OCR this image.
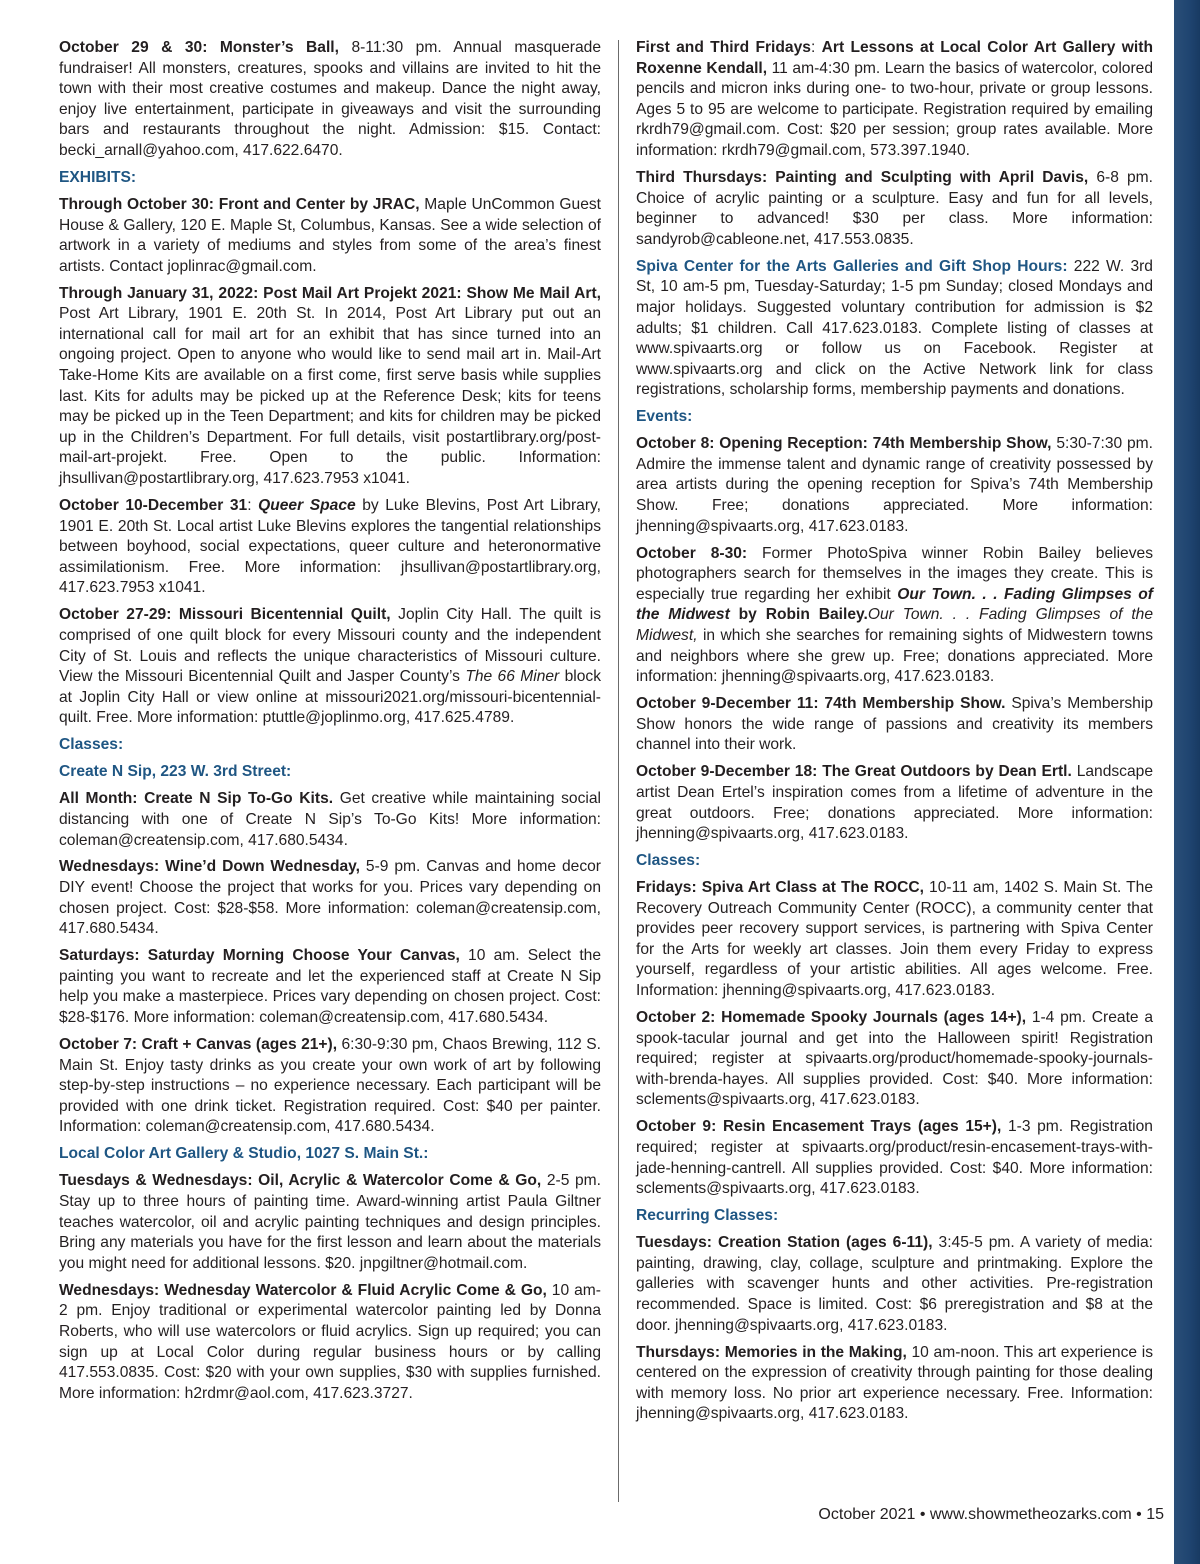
October 29 & 30: Monster’s Ball, 8-11:30 pm. Annual masquerade fundraiser! All monsters, creatures, spooks and villains are invited to hit the town with their most creative costumes and makeup. Dance the night away, enjoy live entertainment, participate in giveaways and visit the surrounding bars and restaurants throughout the night. Admission: $15. Contact: becki_arnall@yahoo.com, 417.622.6470.

EXHIBITS:

Through October 30: Front and Center by JRAC, Maple UnCommon Guest House & Gallery, 120 E. Maple St, Columbus, Kansas. See a wide selection of artwork in a variety of mediums and styles from some of the area’s finest artists. Contact joplinrac@gmail.com.

Through January 31, 2022: Post Mail Art Projekt 2021: Show Me Mail Art, Post Art Library, 1901 E. 20th St. In 2014, Post Art Library put out an international call for mail art for an exhibit that has since turned into an ongoing project. Open to anyone who would like to send mail art in. Mail-Art Take-Home Kits are available on a first come, first serve basis while supplies last. Kits for adults may be picked up at the Reference Desk; kits for teens may be picked up in the Teen Department; and kits for children may be picked up in the Children’s Department. For full details, visit postartlibrary.org/post-mail-art-projekt. Free. Open to the public. Information: jhsullivan@postartlibrary.org, 417.623.7953 x1041.

October 10-December 31: Queer Space by Luke Blevins, Post Art Library, 1901 E. 20th St. Local artist Luke Blevins explores the tangential relationships between boyhood, social expectations, queer culture and heteronormative assimilationism. Free. More information: jhsullivan@postartlibrary.org, 417.623.7953 x1041.

October 27-29: Missouri Bicentennial Quilt, Joplin City Hall. The quilt is comprised of one quilt block for every Missouri county and the independent City of St. Louis and reflects the unique characteristics of Missouri culture. View the Missouri Bicentennial Quilt and Jasper County’s The 66 Miner block at Joplin City Hall or view online at missouri2021.org/missouri-bicentennial-quilt. Free. More information: ptuttle@joplinmo.org, 417.625.4789.

Classes:
Create N Sip, 223 W. 3rd Street:

All Month: Create N Sip To-Go Kits. Get creative while maintaining social distancing with one of Create N Sip’s To-Go Kits! More information: coleman@creatensip.com, 417.680.5434.

Wednesdays: Wine’d Down Wednesday, 5-9 pm. Canvas and home decor DIY event! Choose the project that works for you. Prices vary depending on chosen project. Cost: $28-$58. More information: coleman@creatensip.com, 417.680.5434.

Saturdays: Saturday Morning Choose Your Canvas, 10 am. Select the painting you want to recreate and let the experienced staff at Create N Sip help you make a masterpiece. Prices vary depending on chosen project. Cost: $28-$176. More information: coleman@creatensip.com, 417.680.5434.

October 7: Craft + Canvas (ages 21+), 6:30-9:30 pm, Chaos Brewing, 112 S. Main St. Enjoy tasty drinks as you create your own work of art by following step-by-step instructions – no experience necessary. Each participant will be provided with one drink ticket. Registration required. Cost: $40 per painter. Information: coleman@creatensip.com, 417.680.5434.

Local Color Art Gallery & Studio, 1027 S. Main St.:

Tuesdays & Wednesdays: Oil, Acrylic & Watercolor Come & Go, 2-5 pm. Stay up to three hours of painting time. Award-winning artist Paula Giltner teaches watercolor, oil and acrylic painting techniques and design principles. Bring any materials you have for the first lesson and learn about the materials you might need for additional lessons. $20. jnpgiltner@hotmail.com.

Wednesdays: Wednesday Watercolor & Fluid Acrylic Come & Go, 10 am-2 pm. Enjoy traditional or experimental watercolor painting led by Donna Roberts, who will use watercolors or fluid acrylics. Sign up required; you can sign up at Local Color during regular business hours or by calling 417.553.0835. Cost: $20 with your own supplies, $30 with supplies furnished. More information: h2rdmr@aol.com, 417.623.3727.

First and Third Fridays: Art Lessons at Local Color Art Gallery with Roxenne Kendall, 11 am-4:30 pm. Learn the basics of watercolor, colored pencils and micron inks during one- to two-hour, private or group lessons. Ages 5 to 95 are welcome to participate. Registration required by emailing rkrdh79@gmail.com. Cost: $20 per session; group rates available. More information: rkrdh79@gmail.com, 573.397.1940.

Third Thursdays: Painting and Sculpting with April Davis, 6-8 pm. Choice of acrylic painting or a sculpture. Easy and fun for all levels, beginner to advanced! $30 per class. More information: sandyrob@cableone.net, 417.553.0835.

Spiva Center for the Arts Galleries and Gift Shop Hours: 222 W. 3rd St, 10 am-5 pm, Tuesday-Saturday; 1-5 pm Sunday; closed Mondays and major holidays. Suggested voluntary contribution for admission is $2 adults; $1 children. Call 417.623.0183. Complete listing of classes at www.spivaarts.org or follow us on Facebook. Register at www.spivaarts.org and click on the Active Network link for class registrations, scholarship forms, membership payments and donations.

Events:

October 8: Opening Reception: 74th Membership Show, 5:30-7:30 pm. Admire the immense talent and dynamic range of creativity possessed by area artists during the opening reception for Spiva’s 74th Membership Show. Free; donations appreciated. More information: jhenning@spivaarts.org, 417.623.0183.

October 8-30: Former PhotoSpiva winner Robin Bailey believes photographers search for themselves in the images they create. This is especially true regarding her exhibit Our Town. . . Fading Glimpses of the Midwest by Robin Bailey.Our Town. . . Fading Glimpses of the Midwest, in which she searches for remaining sights of Midwestern towns and neighbors where she grew up. Free; donations appreciated. More information: jhenning@spivaarts.org, 417.623.0183.

October 9-December 11: 74th Membership Show. Spiva’s Membership Show honors the wide range of passions and creativity its members channel into their work.

October 9-December 18: The Great Outdoors by Dean Ertl. Landscape artist Dean Ertel’s inspiration comes from a lifetime of adventure in the great outdoors. Free; donations appreciated. More information: jhenning@spivaarts.org, 417.623.0183.

Classes:

Fridays: Spiva Art Class at The ROCC, 10-11 am, 1402 S. Main St. The Recovery Outreach Community Center (ROCC), a community center that provides peer recovery support services, is partnering with Spiva Center for the Arts for weekly art classes. Join them every Friday to express yourself, regardless of your artistic abilities. All ages welcome. Free. Information: jhenning@spivaarts.org, 417.623.0183.

October 2: Homemade Spooky Journals (ages 14+), 1-4 pm. Create a spook-tacular journal and get into the Halloween spirit! Registration required; register at spivaarts.org/product/homemade-spooky-journals-with-brenda-hayes. All supplies provided. Cost: $40. More information: sclements@spivaarts.org, 417.623.0183.

October 9: Resin Encasement Trays (ages 15+), 1-3 pm. Registration required; register at spivaarts.org/product/resin-encasement-trays-with-jade-henning-cantrell. All supplies provided. Cost: $40. More information: sclements@spivaarts.org, 417.623.0183.

Recurring Classes:

Tuesdays: Creation Station (ages 6-11), 3:45-5 pm. A variety of media: painting, drawing, clay, collage, sculpture and printmaking. Explore the galleries with scavenger hunts and other activities. Pre-registration recommended. Space is limited. Cost: $6 preregistration and $8 at the door. jhenning@spivaarts.org, 417.623.0183.

Thursdays: Memories in the Making, 10 am-noon. This art experience is centered on the expression of creativity through painting for those dealing with memory loss. No prior art experience necessary. Free. Information: jhenning@spivaarts.org, 417.623.0183.

October 2021 • www.showmetheozarks.com • 15
